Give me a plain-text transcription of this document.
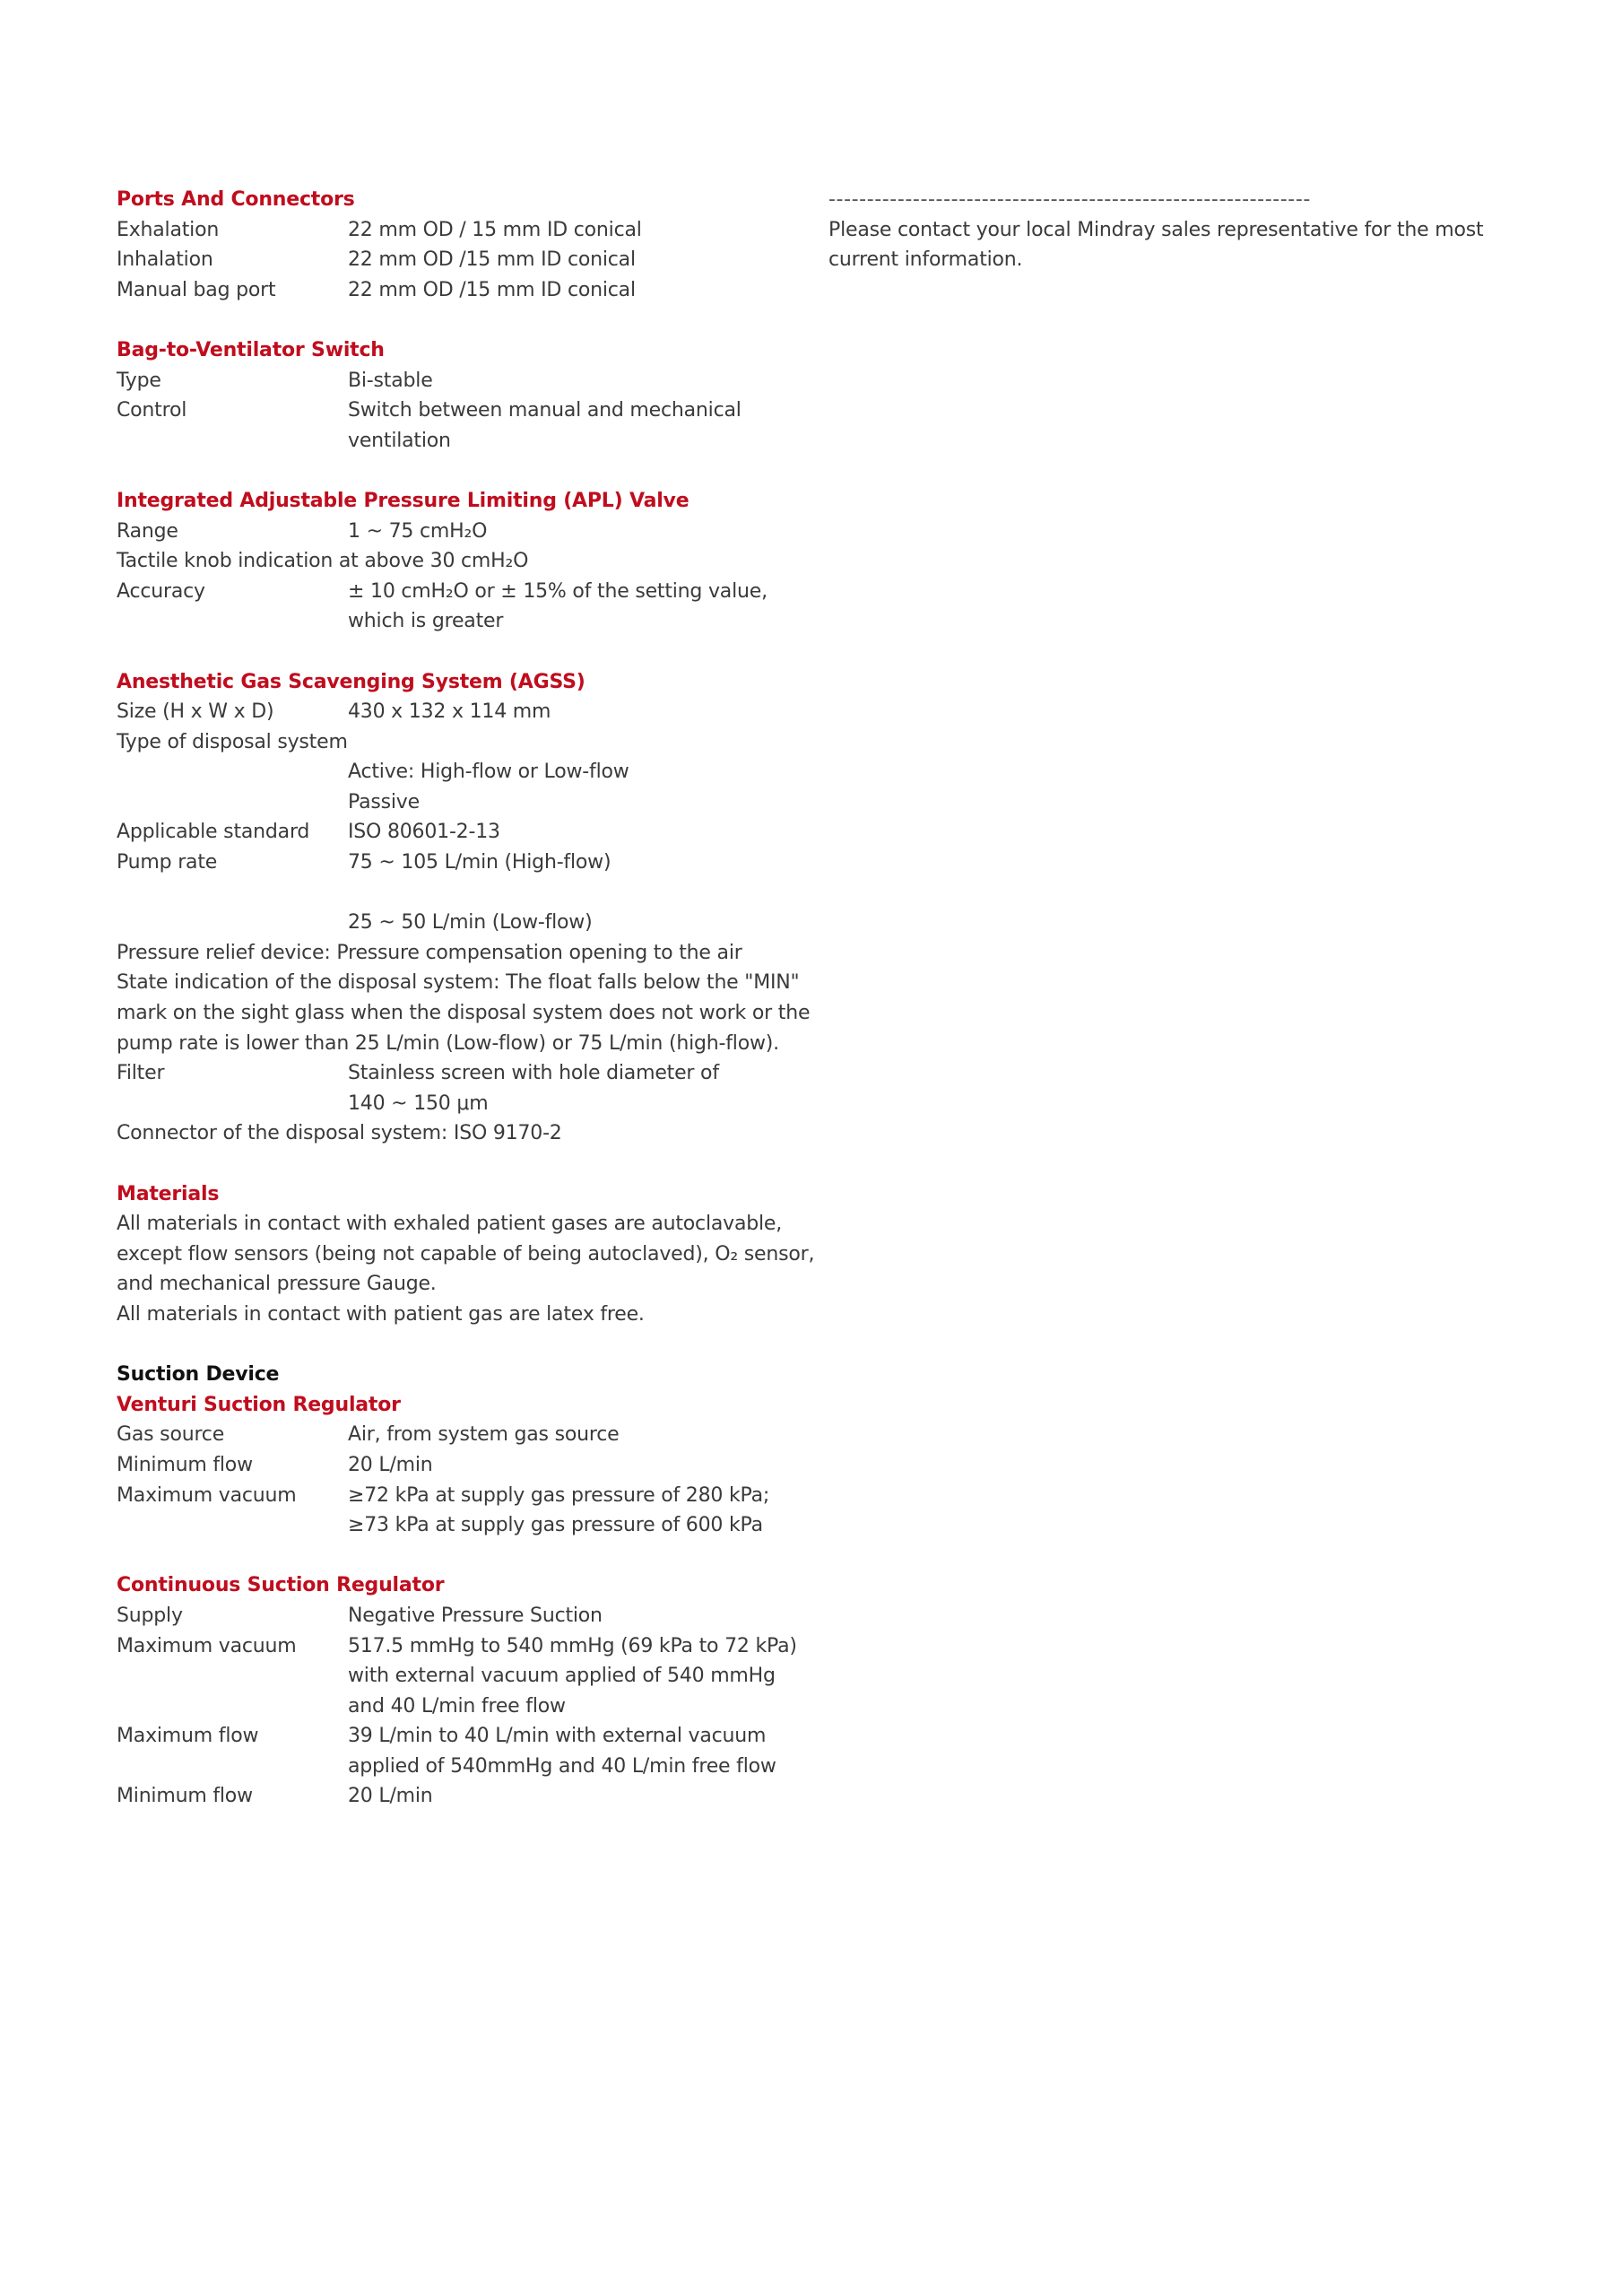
Ports And Connectors
Exhalation	22 mm OD / 15 mm ID conical
Inhalation	22 mm OD /15 mm ID conical
Manual bag port	22 mm OD /15 mm ID conical
Bag-to-Ventilator Switch
Type	Bi-stable
Control	Switch between manual and mechanical
ventilation
Integrated Adjustable Pressure Limiting (APL) Valve
Range	1 ~ 75 cmH₂O
Tactile knob indication at above 30 cmH₂O
Accuracy	± 10 cmH₂O or ± 15% of the setting value,
which is greater
Anesthetic Gas Scavenging System (AGSS)
Size (H x W x D)	430 x 132 x 114 mm
Type of disposal system
Active: High-flow or Low-flow
Passive
Applicable standard	ISO 80601-2-13
Pump rate	75 ~ 105 L/min (High-flow)

25 ~ 50 L/min (Low-flow)
Pressure relief device: Pressure compensation opening to the air
State indication of the disposal system: The float falls below the "MIN"
mark on the sight glass when the disposal system does not work or the
pump rate is lower than 25 L/min (Low-flow) or 75 L/min (high-flow).
Filter	Stainless screen with hole diameter of
140 ~ 150 μm
Connector of the disposal system: ISO 9170-2
Materials
All materials in contact with exhaled patient gases are autoclavable,
except flow sensors (being not capable of being autoclaved), O₂ sensor,
and mechanical pressure Gauge.
All materials in contact with patient gas are latex free.
Suction Device
Venturi Suction Regulator
Gas source	Air, from system gas source
Minimum flow	20 L/min
Maximum vacuum	≥72 kPa at supply gas pressure of 280 kPa;
≥73 kPa at supply gas pressure of 600 kPa
Continuous Suction Regulator
Supply	Negative Pressure Suction
Maximum vacuum	517.5 mmHg to 540 mmHg (69 kPa to 72 kPa)
with external vacuum applied of 540 mmHg
and 40 L/min free flow
Maximum flow	39 L/min to 40 L/min with external vacuum
applied of 540mmHg and 40 L/min free flow
Minimum flow	20 L/min
---------------------------------------------------------------
Please contact your local Mindray sales representative for the most
current information.
